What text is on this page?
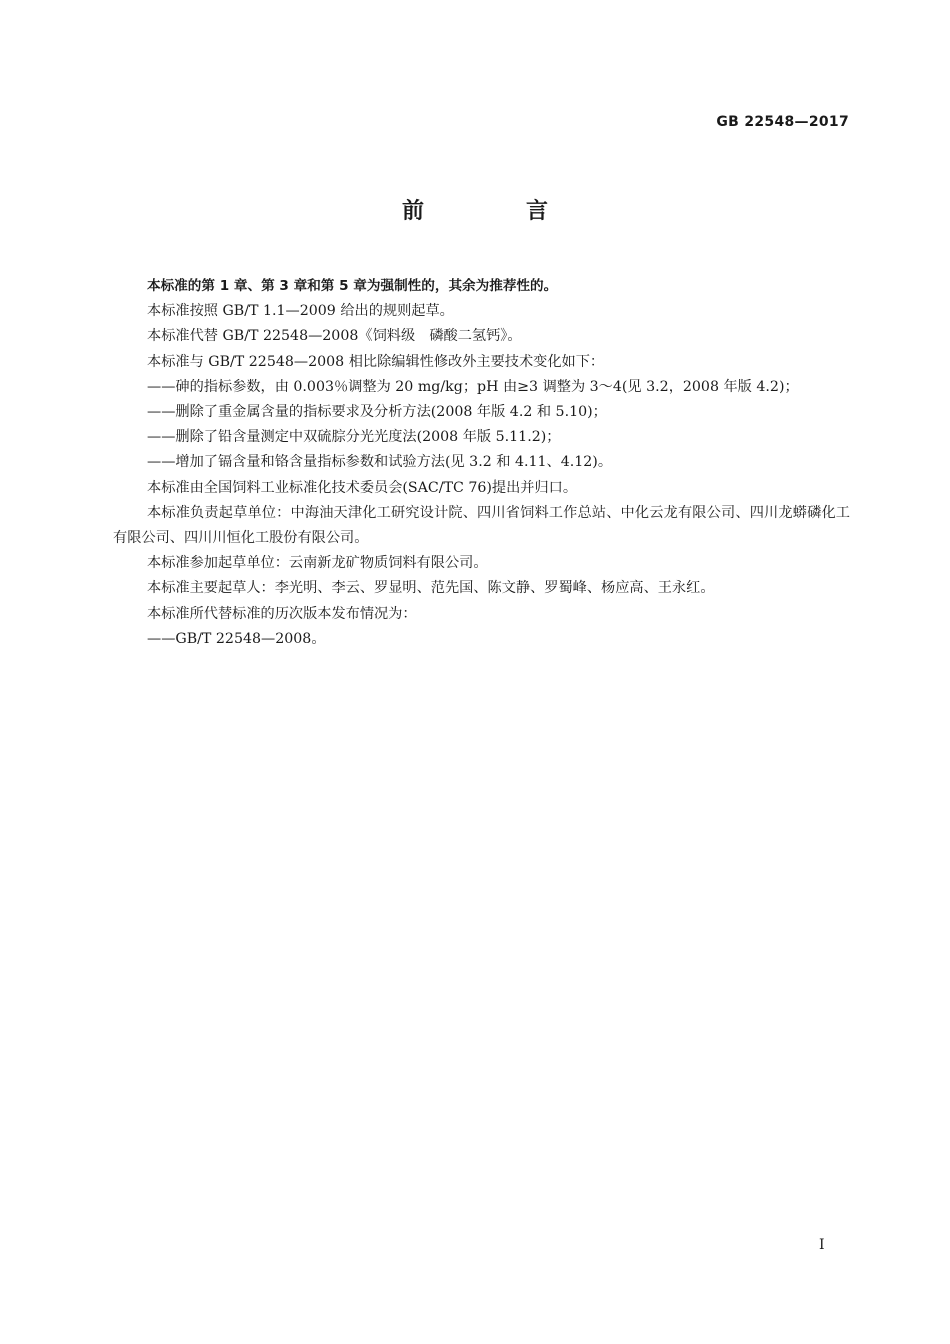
GB 22548—2017
前　言

本标准的第 1 章、第 3 章和第 5 章为强制性的，其余为推荐性的。

本标准按照 GB/T 1.1—2009 给出的规则起草。

本标准代替 GB/T 22548—2008《饲料级　磷酸二氢钙》。

本标准与 GB/T 22548—2008 相比除编辑性修改外主要技术变化如下：

——砷的指标参数，由 0.003％调整为 20 mg/kg；pH 由≥3 调整为 3～4(见 3.2，2008 年版 4.2)；

——删除了重金属含量的指标要求及分析方法(2008 年版 4.2 和 5.10)；

——删除了铅含量测定中双硫腙分光光度法(2008 年版 5.11.2)；

——增加了镉含量和铬含量指标参数和试验方法(见 3.2 和 4.11、4.12)。

本标准由全国饲料工业标准化技术委员会(SAC/TC 76)提出并归口。

本标准负责起草单位：中海油天津化工研究设计院、四川省饲料工作总站、中化云龙有限公司、四川龙蟒磷化工有限公司、四川川恒化工股份有限公司。

本标准参加起草单位：云南新龙矿物质饲料有限公司。

本标准主要起草人：李光明、李云、罗显明、范先国、陈文静、罗蜀峰、杨应高、王永红。

本标准所代替标准的历次版本发布情况为：

——GB/T 22548—2008。

I
